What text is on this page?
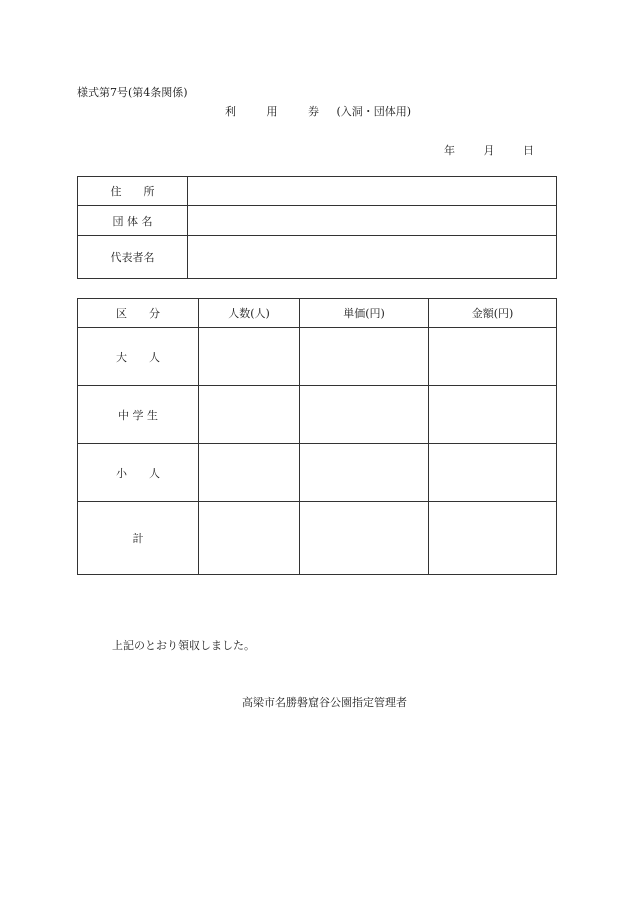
様式第7号(第4条関係)
利	用	券 (入洞・団体用)
年	月	日
住　　所	
団 体 名	
代表者名	
区　　分	人数(人)	単価(円)	金額(円)
大　　人			
中 学 生			
小　　人			
計			
上記のとおり領収しました。
高梁市名勝磐窟谷公園指定管理者
